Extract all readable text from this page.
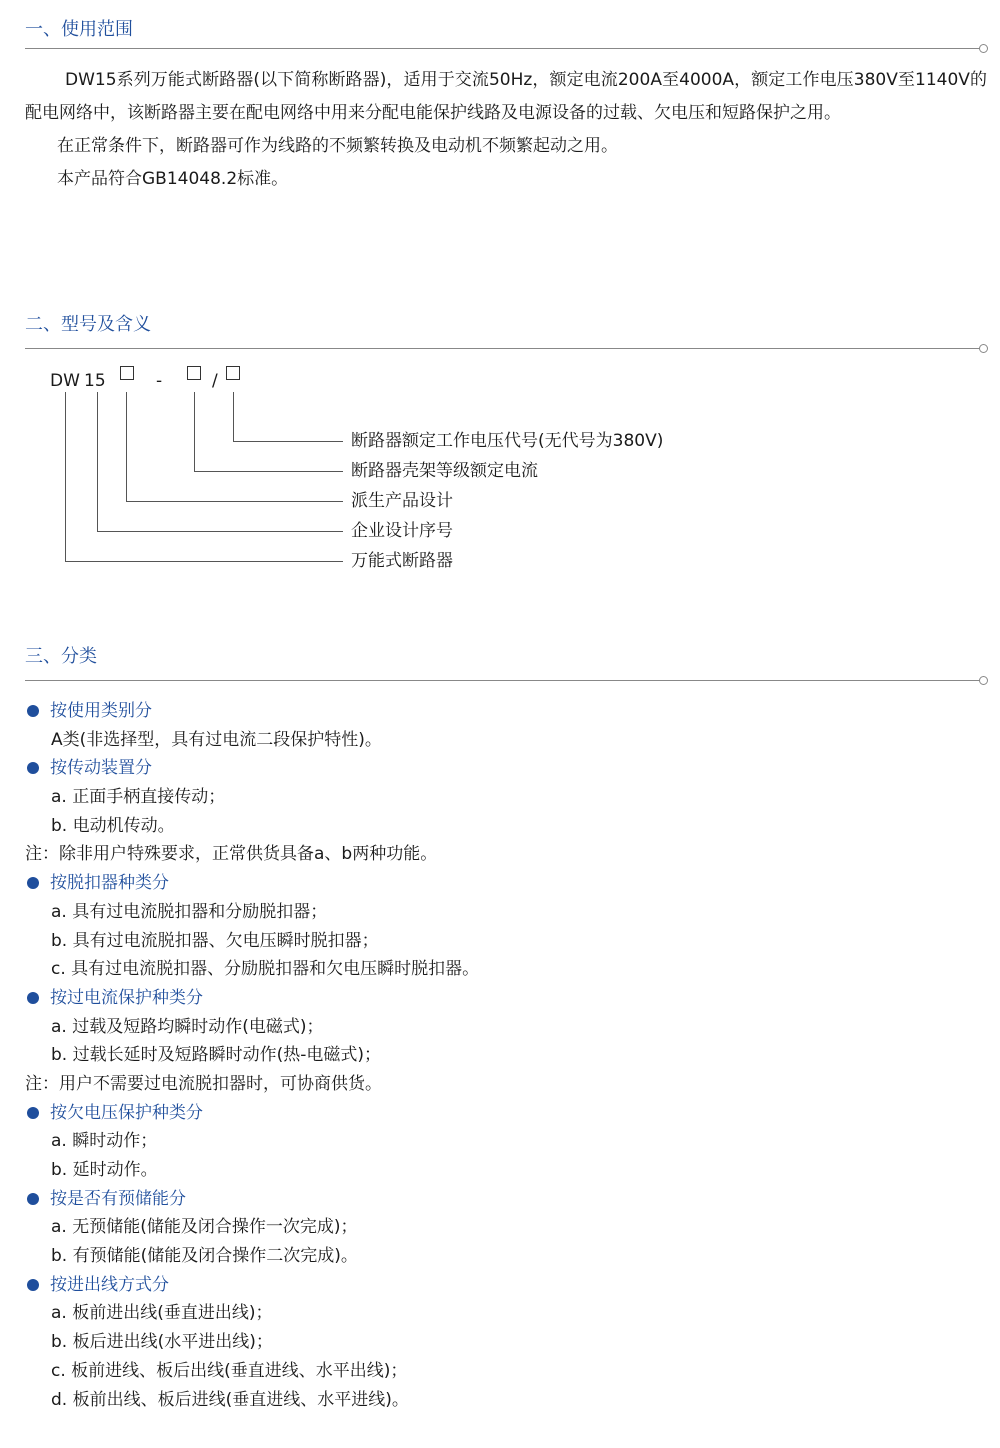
一、使用范围

DW15系列万能式断路器(以下简称断路器)，适用于交流50Hz，额定电流200A至4000A，额定工作电压380V至1140V的配电网络中，该断路器主要在配电网络中用来分配电能保护线路及电源设备的过载、欠电压和短路保护之用。

在正常条件下，断路器可作为线路的不频繁转换及电动机不频繁起动之用。

本产品符合GB14048.2标准。

二、型号及含义
DW 15	-	/
断路器额定工作电压代号(无代号为380V)
断路器壳架等级额定电流
派生产品设计
企业设计序号
万能式断路器
三、分类
按使用类别分
A类(非选择型，具有过电流二段保护特性)。
按传动装置分
a. 正面手柄直接传动；
b. 电动机传动。
注：除非用户特殊要求，正常供货具备a、b两种功能。
按脱扣器种类分
a. 具有过电流脱扣器和分励脱扣器；
b. 具有过电流脱扣器、欠电压瞬时脱扣器；
c. 具有过电流脱扣器、分励脱扣器和欠电压瞬时脱扣器。
按过电流保护种类分
a. 过载及短路均瞬时动作(电磁式)；
b. 过载长延时及短路瞬时动作(热-电磁式)；
注：用户不需要过电流脱扣器时，可协商供货。
按欠电压保护种类分
a. 瞬时动作；
b. 延时动作。
按是否有预储能分
a. 无预储能(储能及闭合操作一次完成)；
b. 有预储能(储能及闭合操作二次完成)。
按进出线方式分
a. 板前进出线(垂直进出线)；
b. 板后进出线(水平进出线)；
c. 板前进线、板后出线(垂直进线、水平出线)；
d. 板前出线、板后进线(垂直进线、水平进线)。
